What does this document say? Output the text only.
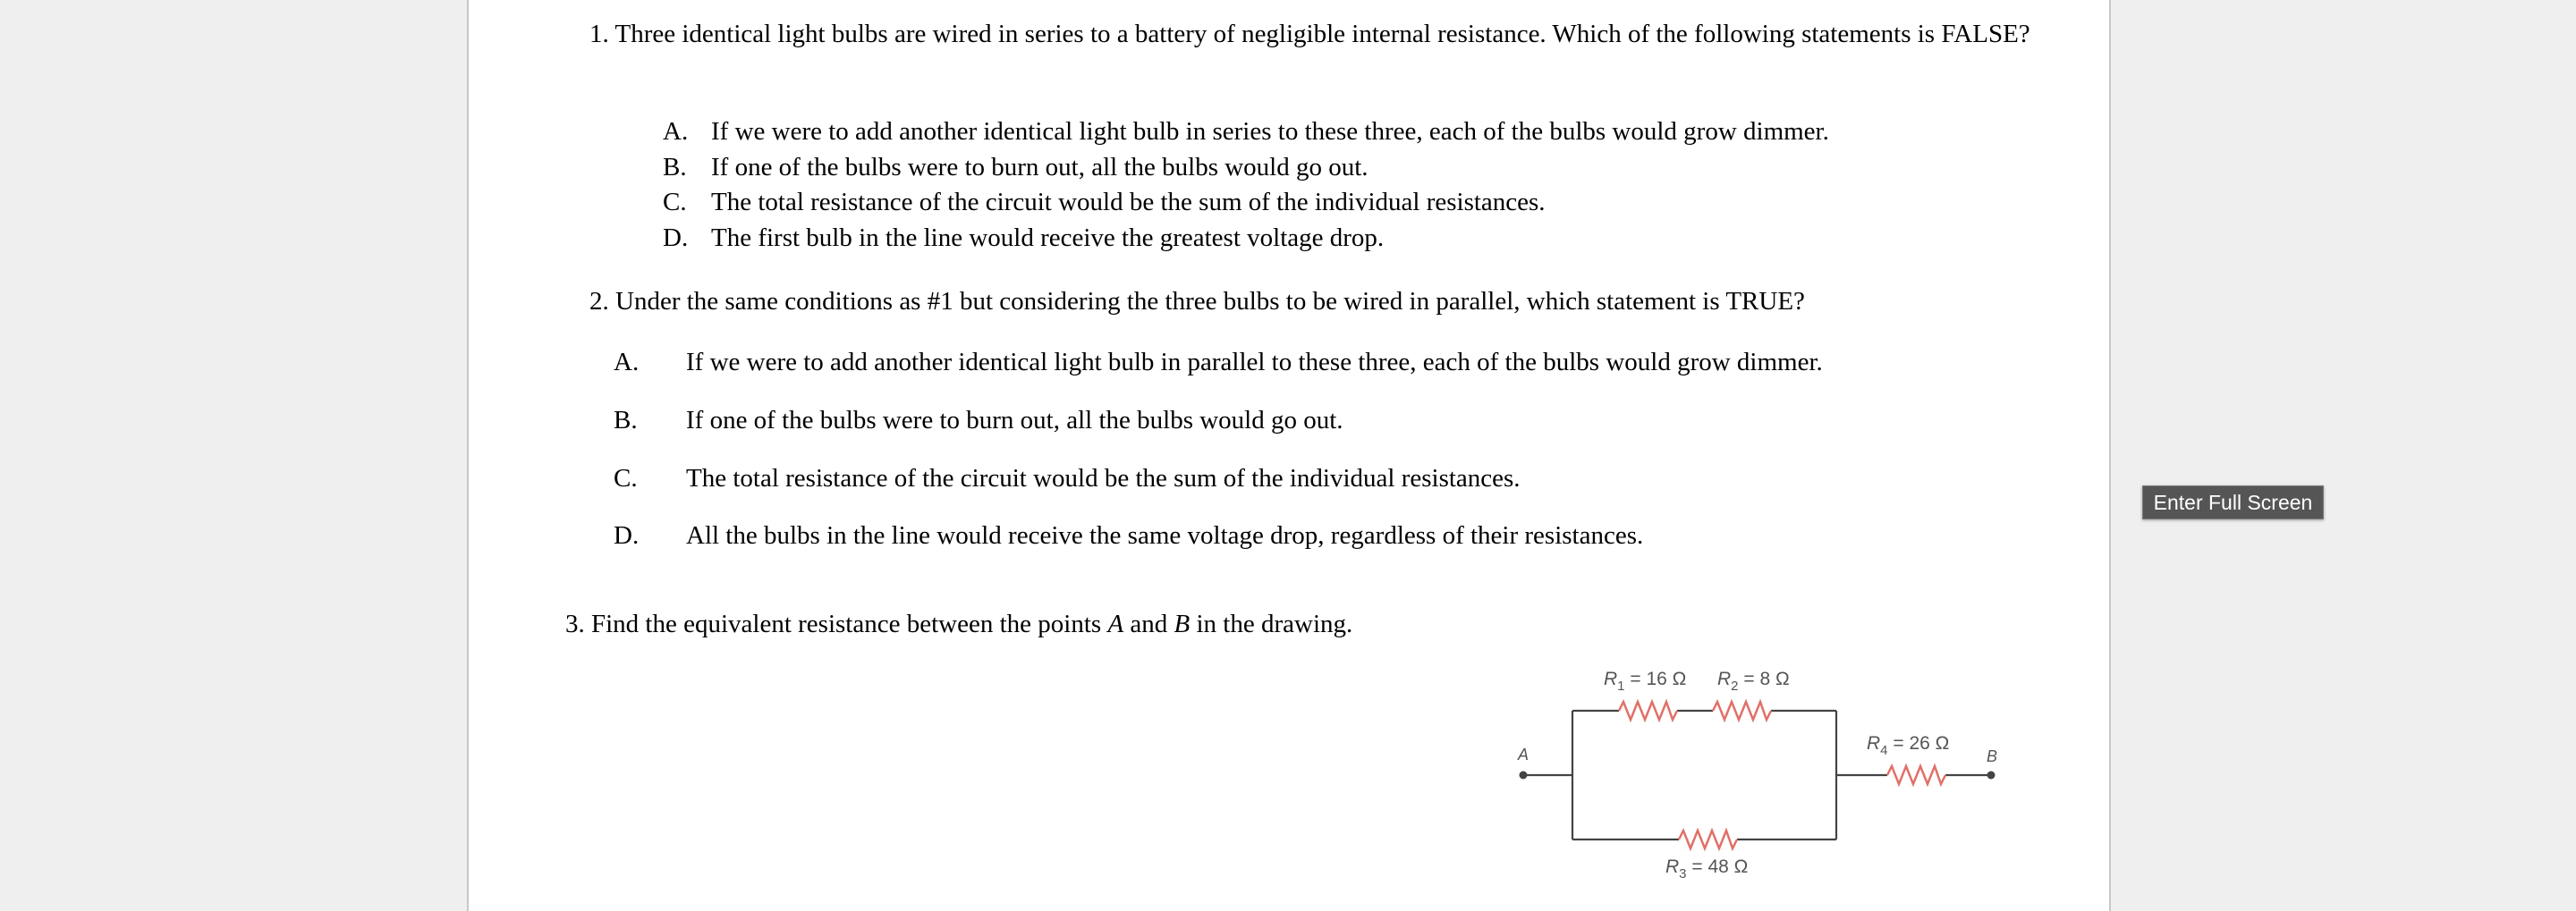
1. Three identical light bulbs are wired in series to a battery of negligible internal resistance. Which of the following statements is FALSE?
A. If we were to add another identical light bulb in series to these three, each of the bulbs would grow dimmer.
B. If one of the bulbs were to burn out, all the bulbs would go out.
C. The total resistance of the circuit would be the sum of the individual resistances.
D. The first bulb in the line would receive the greatest voltage drop.
2. Under the same conditions as #1 but considering the three bulbs to be wired in parallel, which statement is TRUE?
A.	If we were to add another identical light bulb in parallel to these three, each of the bulbs would grow dimmer.
B.	If one of the bulbs were to burn out, all the bulbs would go out.
C.	The total resistance of the circuit would be the sum of the individual resistances.
D.	All the bulbs in the line would receive the same voltage drop, regardless of their resistances.
3. Find the equivalent resistance between the points A and B in the drawing.
$R_1 = 16$ Ω $R_2 = 8$ Ω
$R_3 = 48$ Ω
$R_4 = 26$ Ω
A	B
Enter Full Screen
